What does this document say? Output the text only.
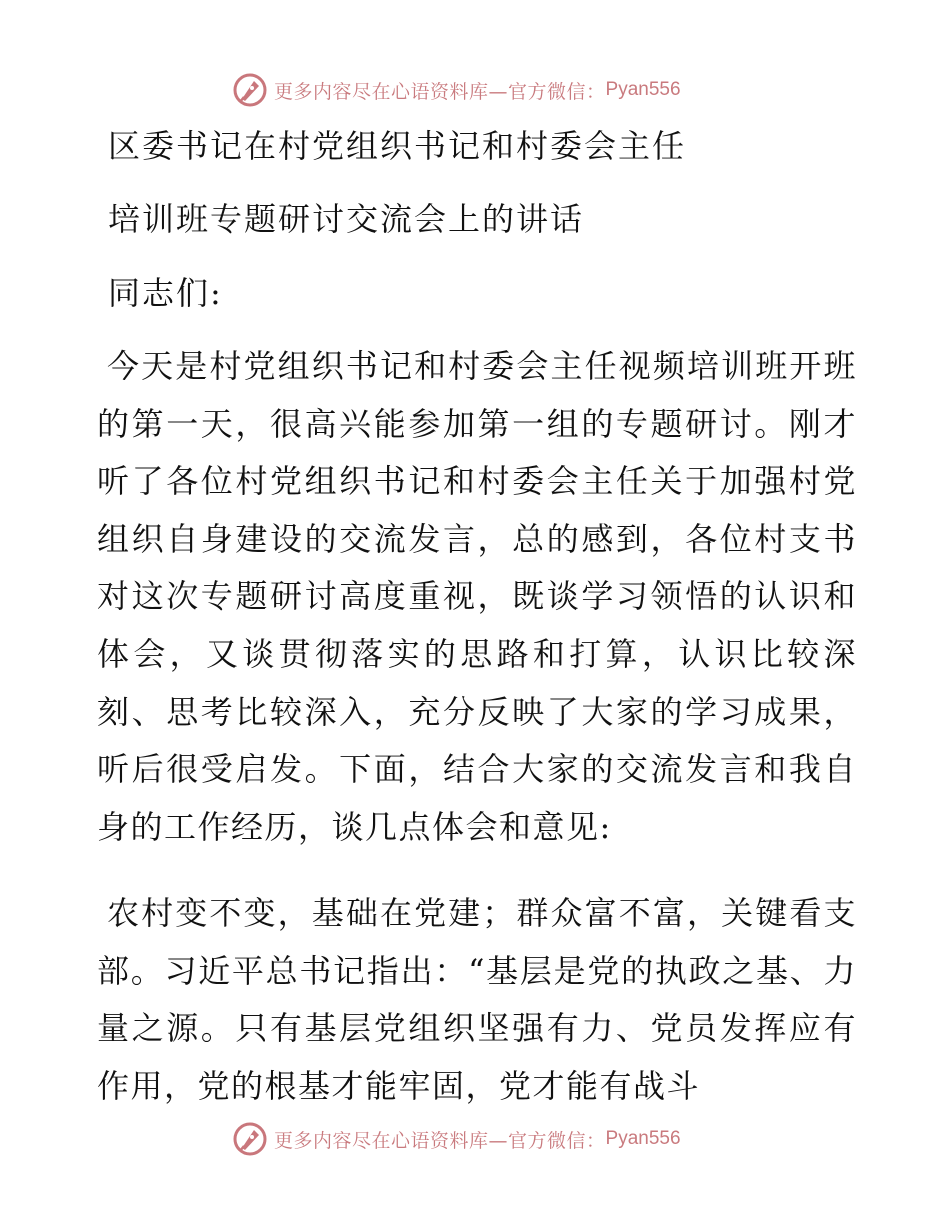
更多内容尽在心语资料库—官方微信： Pyan556
区委书记在村党组织书记和村委会主任
培训班专题研讨交流会上的讲话
同志们:

今天是村党组织书记和村委会主任视频培训班开班的第一天，很高兴能参加第一组的专题研讨。刚才听了各位村党组织书记和村委会主任关于加强村党组织自身建设的交流发言，总的感到，各位村支书对这次专题研讨高度重视，既谈学习领悟的认识和体会，又谈贯彻落实的思路和打算，认识比较深刻、思考比较深入，充分反映了大家的学习成果，听后很受启发。下面，结合大家的交流发言和我自身的工作经历，谈几点体会和意见:

农村变不变，基础在党建；群众富不富，关键看支部。习近平总书记指出：“基层是党的执政之基、力量之源。只有基层党组织坚强有力、党员发挥应有作用，党的根基才能牢固，党才能有战斗

更多内容尽在心语资料库—官方微信： Pyan556
